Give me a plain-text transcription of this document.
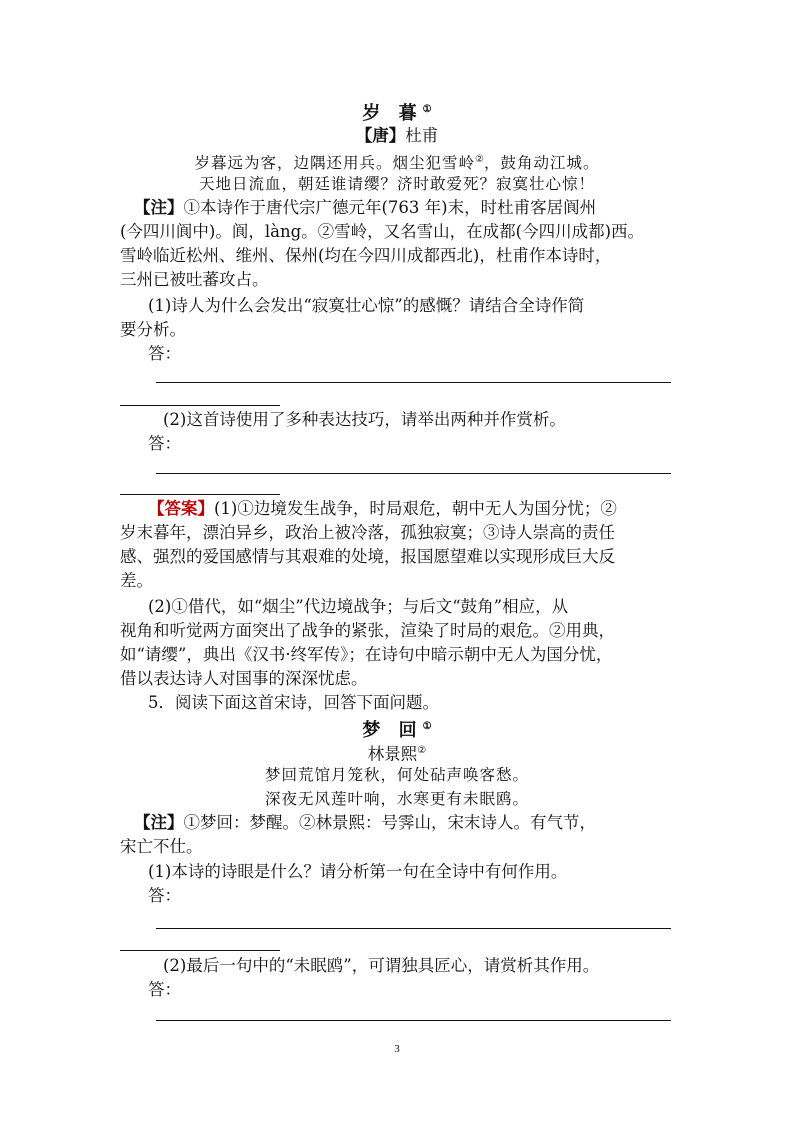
岁 暮①
【唐】杜甫
岁暮远为客，边隅还用兵。烟尘犯雪岭②，鼓角动江城。
天地日流血，朝廷谁请缨？济时敢爱死？寂寞壮心惊！
【注】①本诗作于唐代宗广德元年(763 年)末，时杜甫客居阆州
(今四川阆中)。阆，làng。②雪岭，又名雪山，在成都(今四川成都)西。
雪岭临近松州、维州、保州(均在今四川成都西北)，杜甫作本诗时，
三州已被吐蕃攻占。
(1)诗人为什么会发出“寂寞壮心惊”的感慨？请结合全诗作简
要分析。
答：
(2)这首诗使用了多种表达技巧，请举出两种并作赏析。
答：
【答案】(1)①边境发生战争，时局艰危，朝中无人为国分忧；②
岁末暮年，漂泊异乡，政治上被冷落，孤独寂寞；③诗人崇高的责任
感、强烈的爱国感情与其艰难的处境，报国愿望难以实现形成巨大反
差。
(2)①借代，如“烟尘”代边境战争；与后文“鼓角”相应，从
视角和听觉两方面突出了战争的紧张，渲染了时局的艰危。②用典，
如“请缨”，典出《汉书·终军传》；在诗句中暗示朝中无人为国分忧，
借以表达诗人对国事的深深忧虑。
5．阅读下面这首宋诗，回答下面问题。
梦 回①
林景熙②
梦回荒馆月笼秋，何处砧声唤客愁。
深夜无风莲叶响，水寒更有未眠鸥。
【注】①梦回：梦醒。②林景熙：号霁山，宋末诗人。有气节，
宋亡不仕。
(1)本诗的诗眼是什么？请分析第一句在全诗中有何作用。
答：
(2)最后一句中的“未眠鸥”，可谓独具匠心，请赏析其作用。
答：
3
